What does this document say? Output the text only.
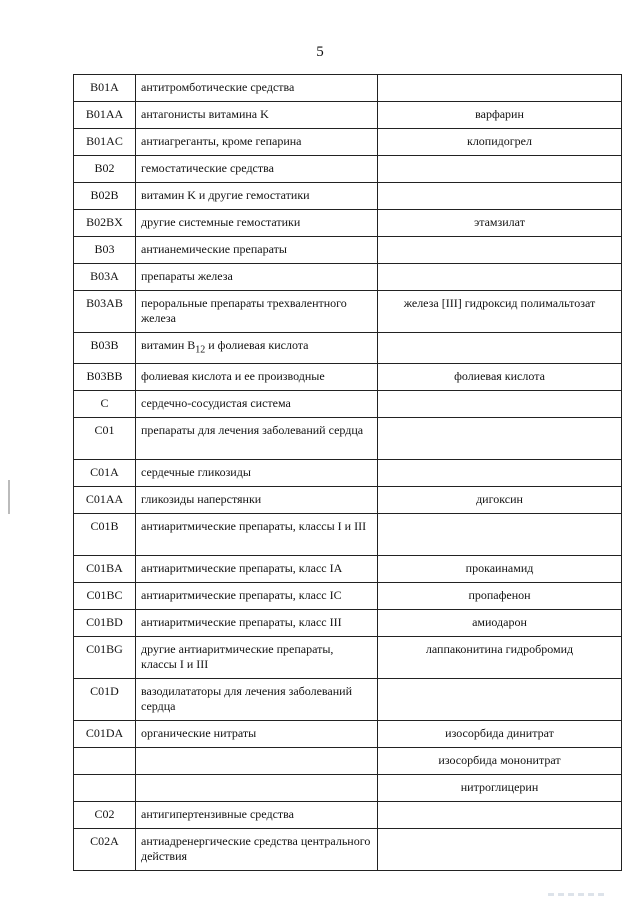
5
B01A	антитромботические средства	
B01AA	антагонисты витамина K	варфарин
B01AC	антиагреганты, кроме гепарина	клопидогрел
B02	гемостатические средства	
B02B	витамин K и другие гемостатики	
B02BX	другие системные гемостатики	этамзилат
B03	антианемические препараты	
B03A	препараты железа	
B03AB	пероральные препараты трехвалентного железа	железа [III] гидроксид полимальтозат
B03B	витамин $B_{12}$ и фолиевая кислота	
B03BB	фолиевая кислота и ее производные	фолиевая кислота
C	сердечно-сосудистая система	
C01	препараты для лечения заболеваний сердца	
C01A	сердечные гликозиды	
C01AA	гликозиды наперстянки	дигоксин
C01B	антиаритмические препараты, классы I и III	
C01BA	антиаритмические препараты, класс IA	прокаинамид
C01BC	антиаритмические препараты, класс IC	пропафенон
C01BD	антиаритмические препараты, класс III	амиодарон
C01BG	другие антиаритмические препараты, классы I и III	лаппаконитина гидробромид
C01D	вазодилататоры для лечения заболеваний сердца	
C01DA	органические нитраты	изосорбида динитрат
		изосорбида мононитрат
		нитроглицерин
C02	антигипертензивные средства	
C02A	антиадренергические средства центрального действия	
